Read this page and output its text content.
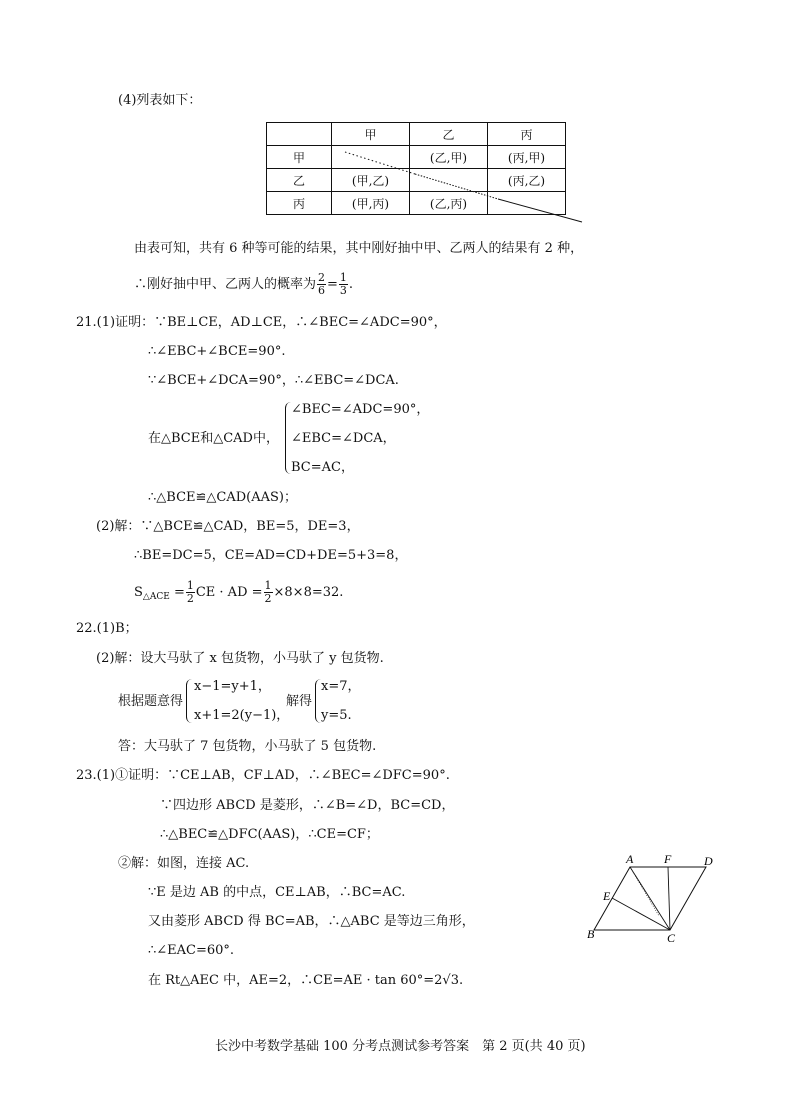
(4)列表如下：
	甲	乙	丙
甲		(乙,甲)	(丙,甲)
乙	(甲,乙)		(丙,乙)
丙	(甲,丙)	(乙,丙)	
由表可知，共有 6 种等可能的结果，其中刚好抽中甲、乙两人的结果有 2 种，
∴刚好抽中甲、乙两人的概率为 $\frac{2}{6} = \frac{1}{3}$ .
21.(1)证明：∵BE⊥CE，AD⊥CE，∴∠BEC=∠ADC=90°，
∴∠EBC+∠BCE=90°.
∵∠BCE+∠DCA=90°，∴∠EBC=∠DCA.
在△BCE和△CAD中，
∠BEC=∠ADC=90°，
∠EBC=∠DCA，
BC=AC，
∴△BCE≌△CAD(AAS)；
(2)解：∵△BCE≌△CAD，BE=5，DE=3，
∴BE=DC=5，CE=AD=CD+DE=5+3=8，
$S_{\triangle ACE} = \frac{1}{2}$ CE · AD = $\frac{1}{2} \times 8\times 8=32$.
22.(1)B；
(2)解：设大马驮了 x 包货物，小马驮了 y 包货物.
根据题意得
x−1=y+1，
x+1=2(y−1)，
解得
x=7，
y=5.
答：大马驮了 7 包货物，小马驮了 5 包货物.
23.(1)①证明：∵CE⊥AB，CF⊥AD，∴∠BEC=∠DFC=90°.
∵四边形 ABCD 是菱形，∴∠B=∠D，BC=CD，
∴△BEC≌△DFC(AAS)，∴CE=CF；
②解：如图，连接 AC.
∵E 是边 AB 的中点，CE⊥AB，∴BC=AC.
又由菱形 ABCD 得 BC=AB，∴△ABC 是等边三角形，
∴∠EAC=60°.
在 Rt△AEC 中，AE=2，∴CE=AE · tan 60°=2√3.
A	F	D
E
B	C
长沙中考数学基础 100 分考点测试参考答案　第 2 页(共 40 页)
